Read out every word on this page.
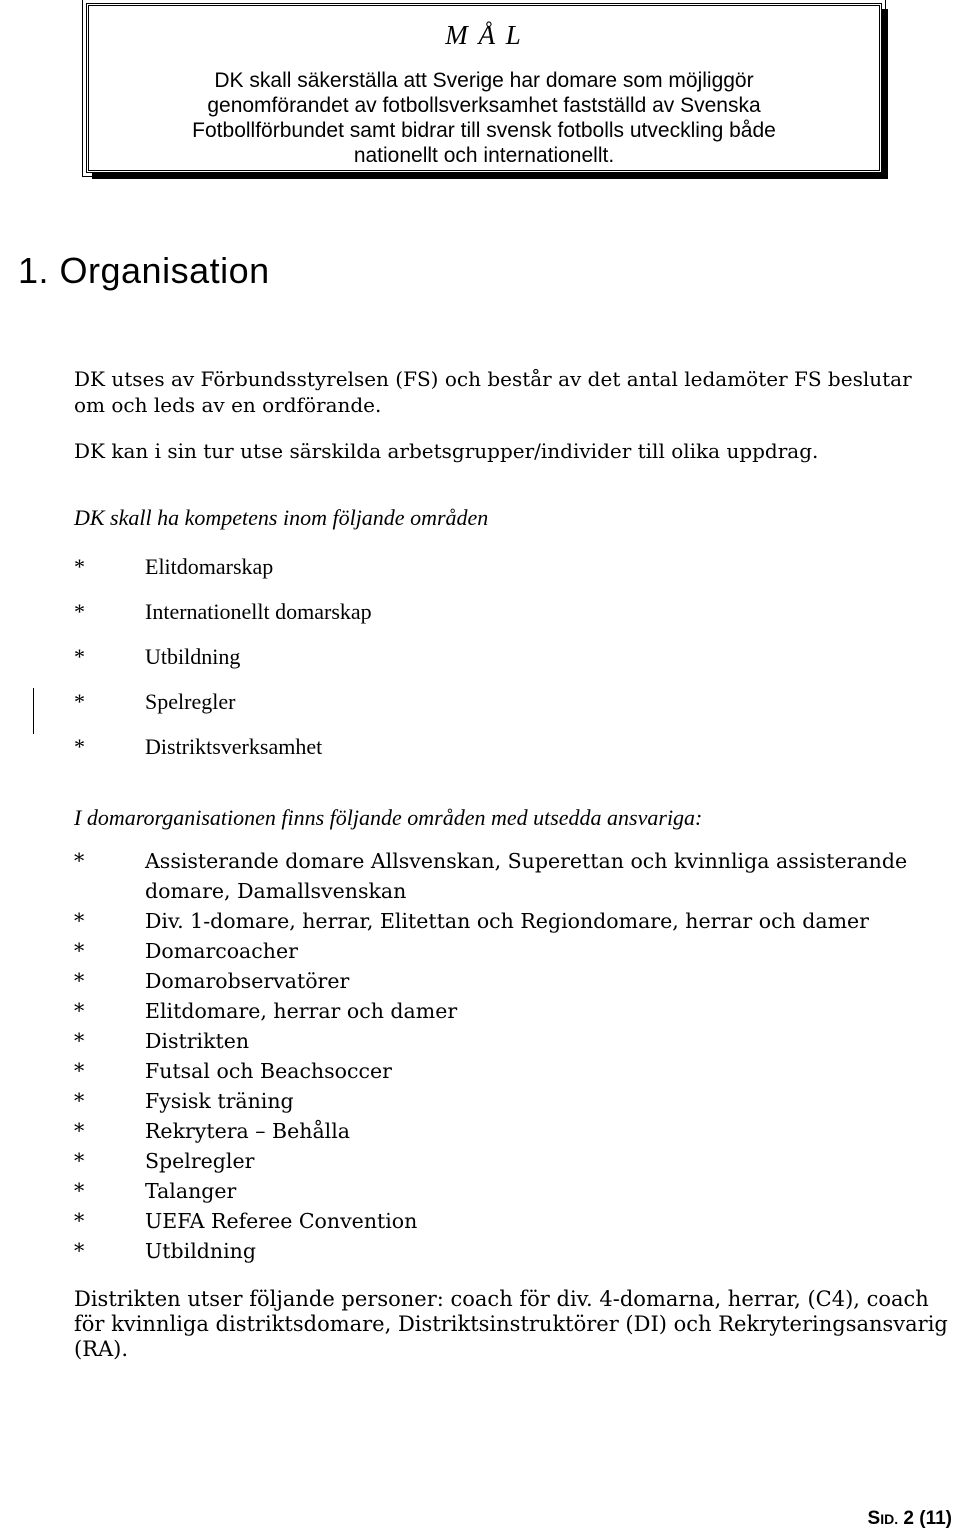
M Å L
DK skall säkerställa att Sverige har domare som möjliggör
genomförandet av fotbollsverksamhet fastställd av Svenska
Fotbollförbundet samt bidrar till svensk fotbolls utveckling både
nationellt och internationellt.
1. Organisation
DK utses av Förbundsstyrelsen (FS) och består av det antal ledamöter FS beslutar
om och leds av en ordförande.
DK kan i sin tur utse särskilda arbetsgrupper/individer till olika uppdrag.
DK skall ha kompetens inom följande områden
*	Elitdomarskap
*	Internationellt domarskap
*	Utbildning
*	Spelregler
*	Distriktsverksamhet
I domarorganisationen finns följande områden med utsedda ansvariga:
*	Assisterande domare Allsvenskan, Superettan och kvinnliga assisterande domare, Damallsvenskan
*	Div. 1-domare, herrar, Elitettan och Regiondomare, herrar och damer
*	Domarcoacher
*	Domarobservatörer
*	Elitdomare, herrar och damer
*	Distrikten
*	Futsal och Beachsoccer
*	Fysisk träning
*	Rekrytera – Behålla
*	Spelregler
*	Talanger
*	UEFA Referee Convention
*	Utbildning
Distrikten utser följande personer: coach för div. 4-domarna, herrar, (C4), coach
för kvinnliga distriktsdomare, Distriktsinstruktörer (DI) och Rekryteringsansvarig
(RA).
SID. 2 (11)
